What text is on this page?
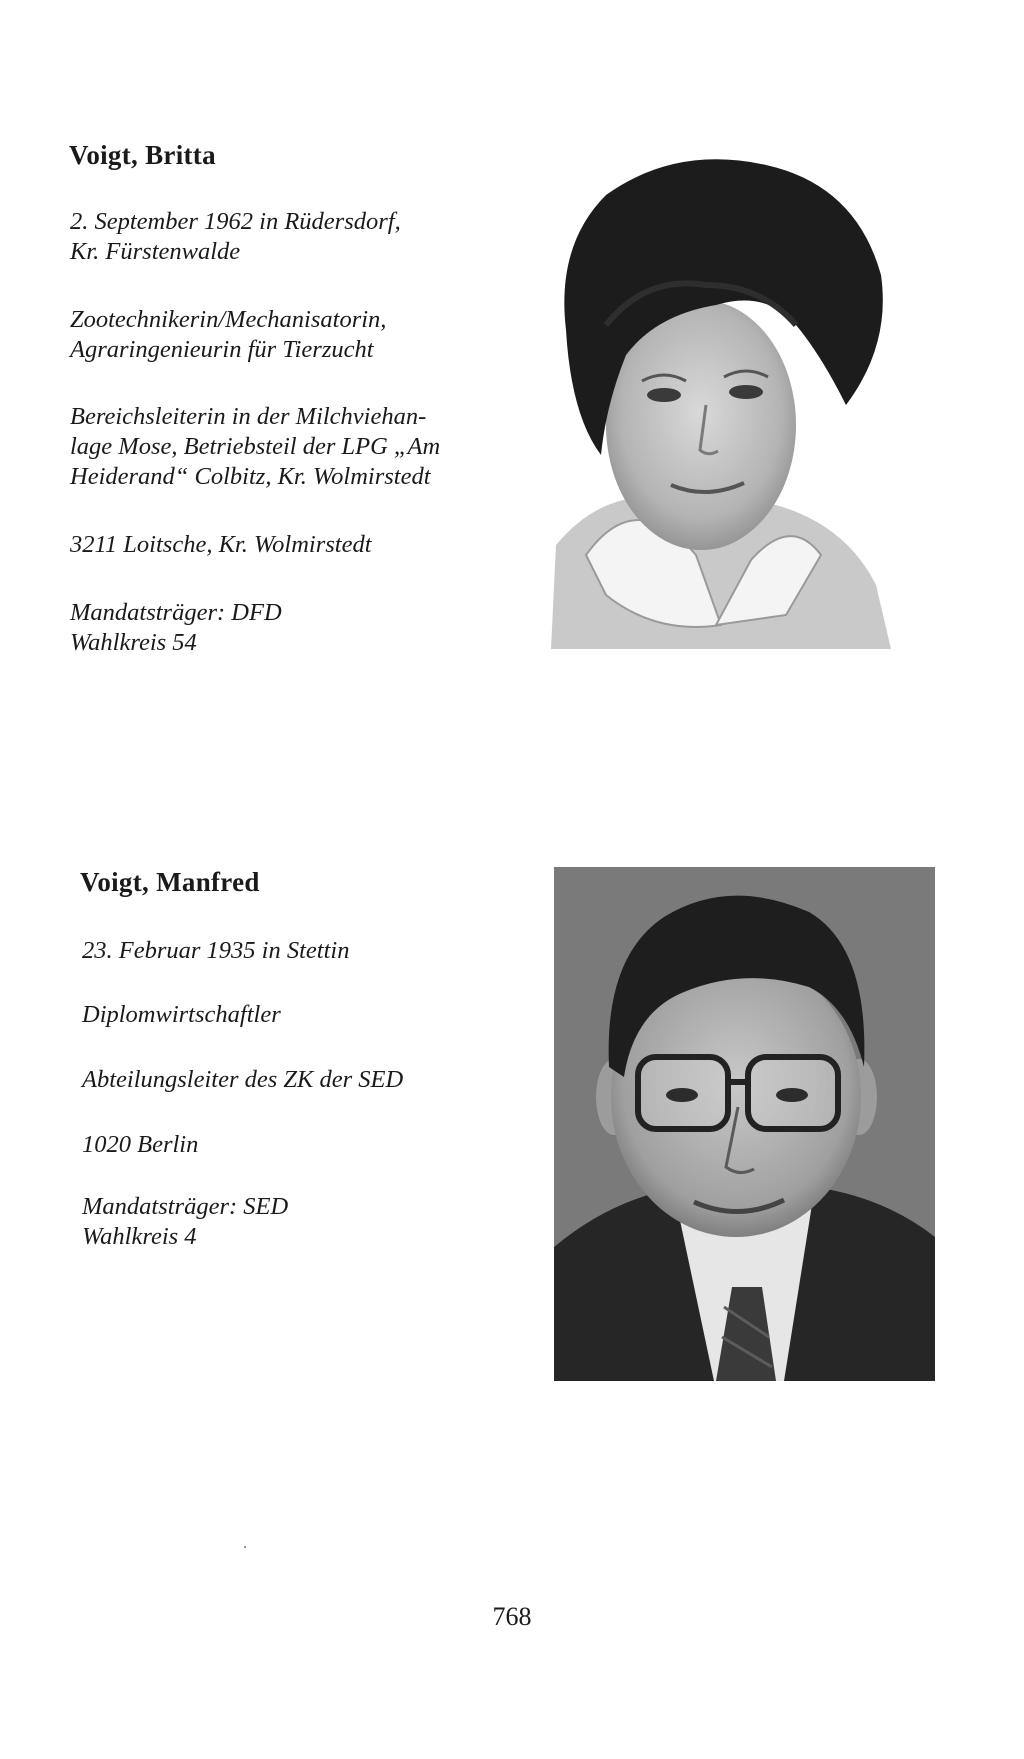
Voigt, Britta

2. September 1962 in Rüdersdorf,

Kr. Fürstenwalde

Zootechnikerin/Mechanisatorin,

Agraringenieurin für Tierzucht

Bereichsleiterin in der Milchviehan-

lage Mose, Betriebsteil der LPG „Am

Heiderand“ Colbitz, Kr. Wolmirstedt

3211 Loitsche, Kr. Wolmirstedt

Mandatsträger: DFD

Wahlkreis 54

Voigt, Manfred

23. Februar 1935 in Stettin

Diplomwirtschaftler

Abteilungsleiter des ZK der SED

1020 Berlin

Mandatsträger: SED

Wahlkreis 4

768
